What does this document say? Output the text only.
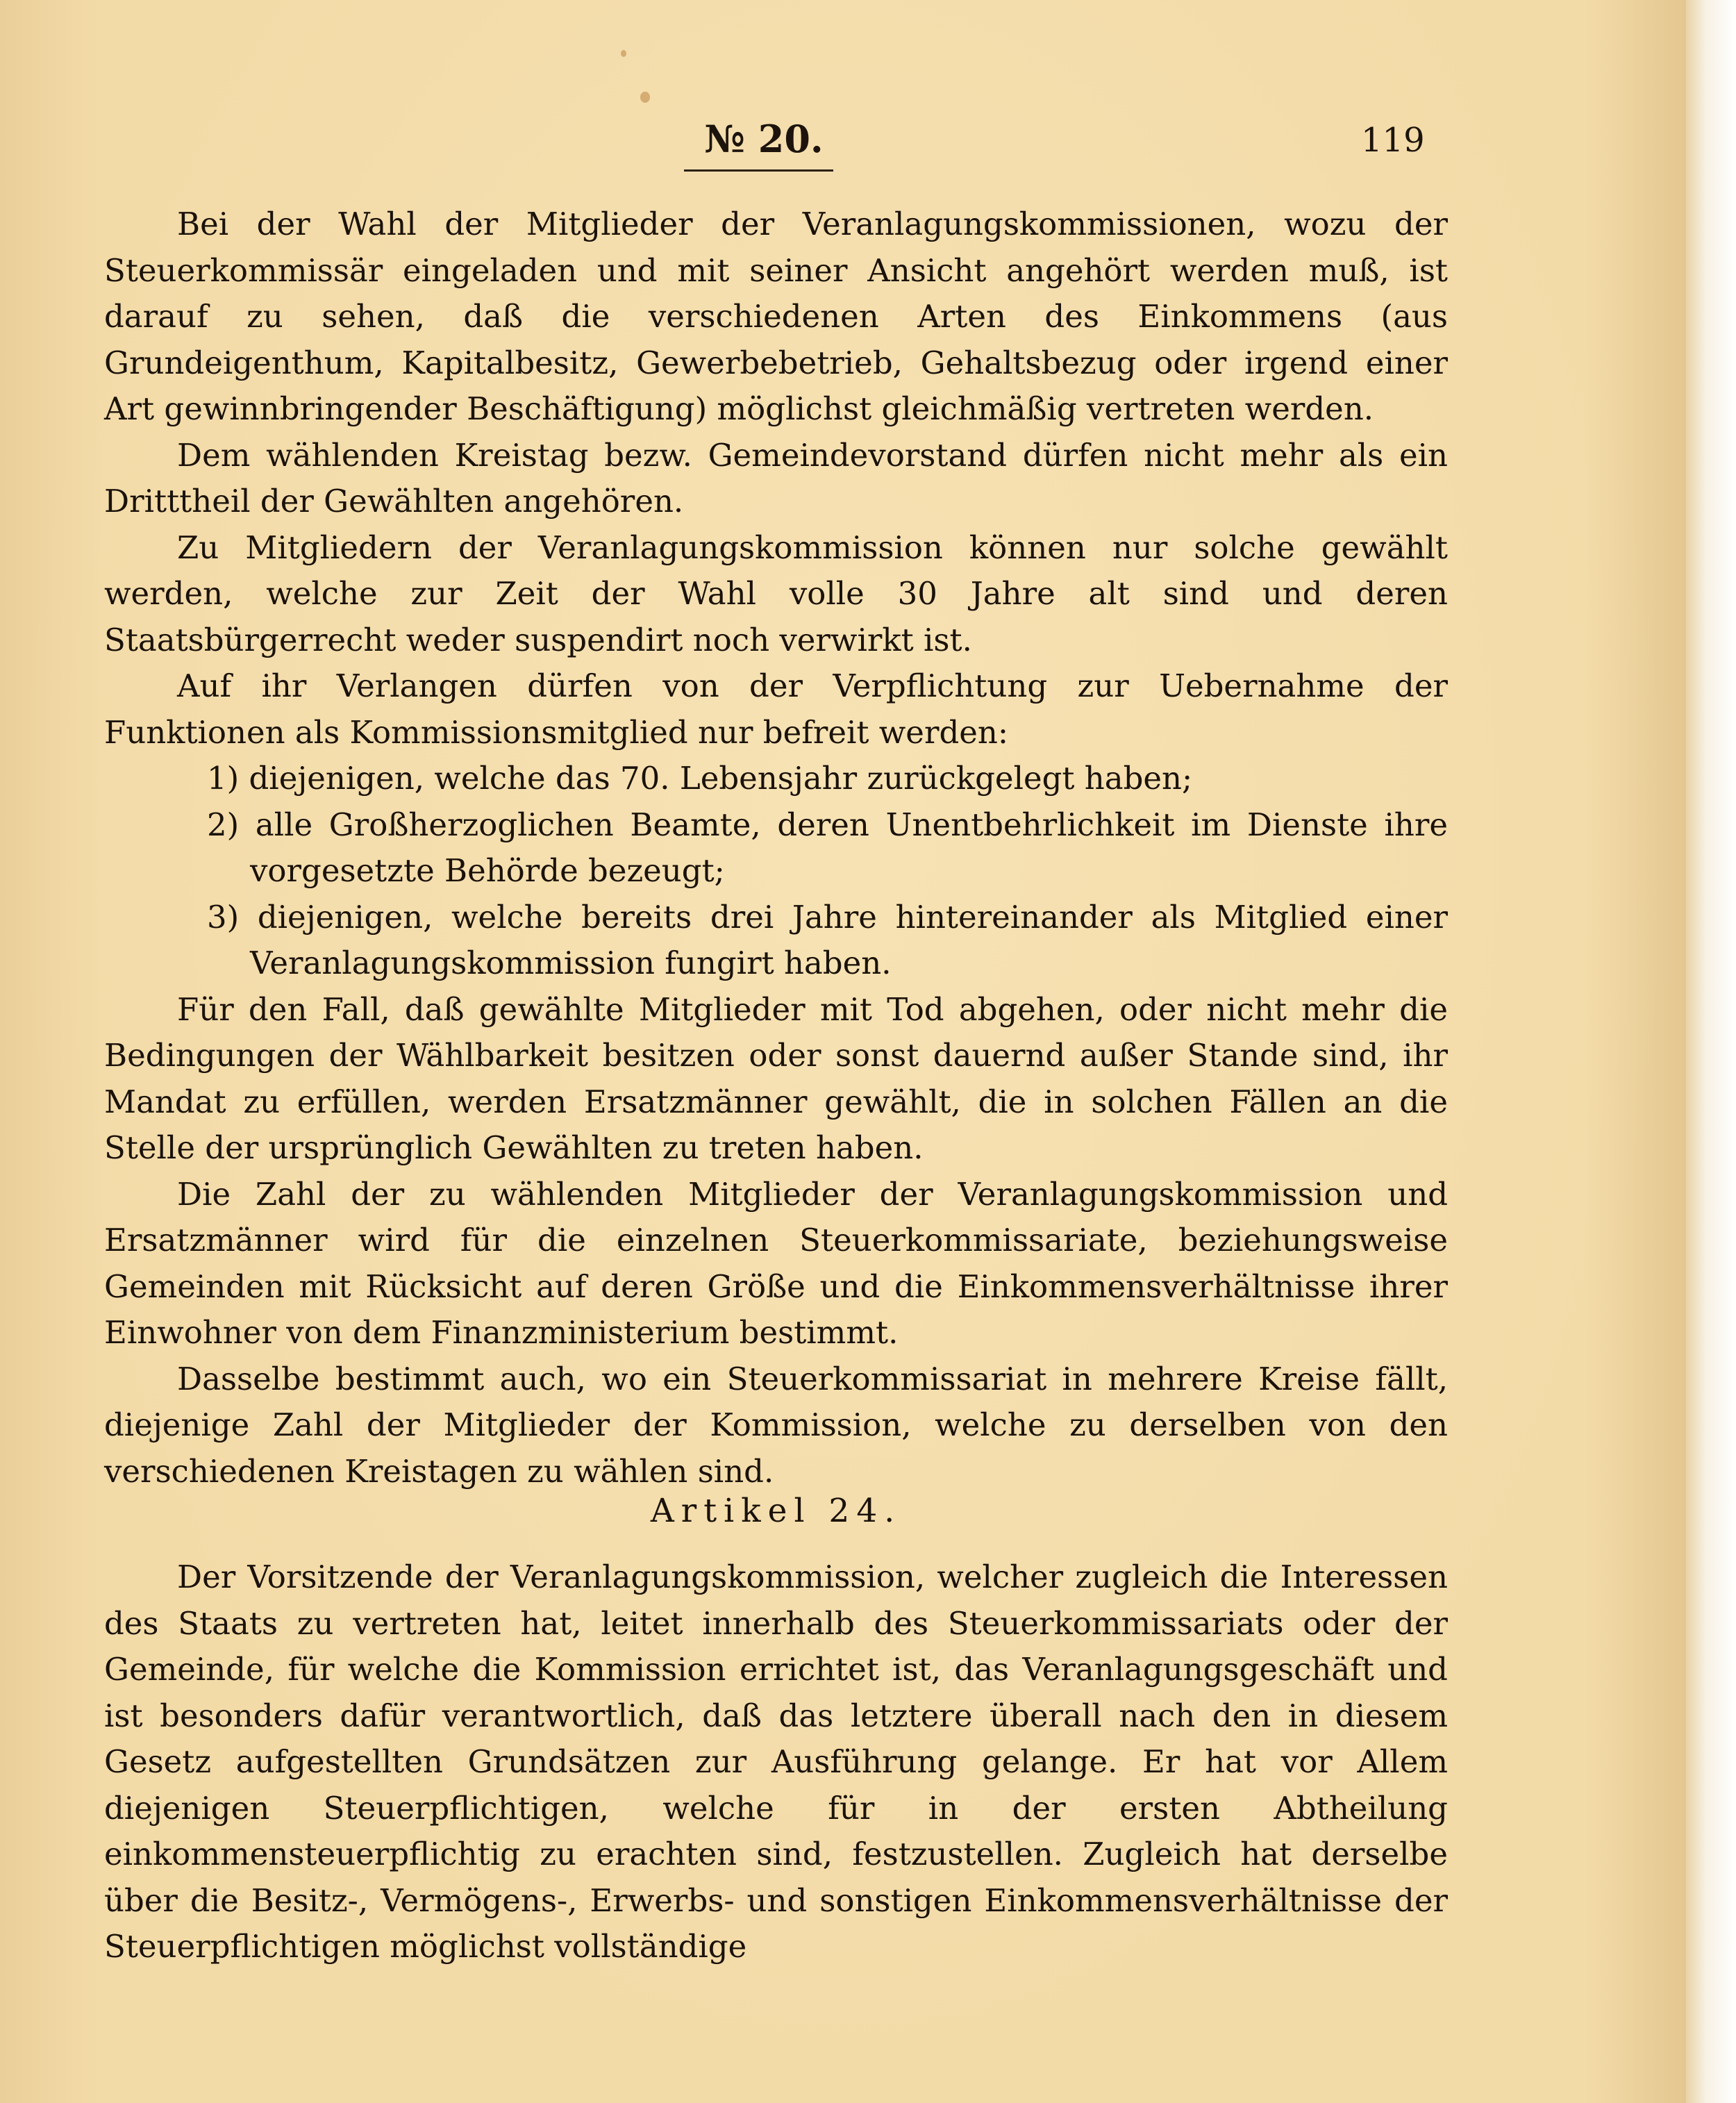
№ 20.	119

Bei der Wahl der Mitglieder der Veranlagungskommissionen, wozu der Steuerkommissär eingeladen und mit seiner Ansicht angehört werden muß, ist darauf zu sehen, daß die verschiedenen Arten des Einkommens (aus Grundeigenthum, Kapitalbesitz, Gewerbebetrieb, Gehaltsbezug oder irgend einer Art gewinnbringender Beschäftigung) möglichst gleichmäßig vertreten werden.

Dem wählenden Kreistag bezw. Gemeindevorstand dürfen nicht mehr als ein Dritttheil der Gewählten angehören.

Zu Mitgliedern der Veranlagungskommission können nur solche gewählt werden, welche zur Zeit der Wahl volle 30 Jahre alt sind und deren Staatsbürgerrecht weder suspendirt noch verwirkt ist.

Auf ihr Verlangen dürfen von der Verpflichtung zur Uebernahme der Funktionen als Kommissionsmitglied nur befreit werden:

1) diejenigen, welche das 70. Lebensjahr zurückgelegt haben;

2) alle Großherzoglichen Beamte, deren Unentbehrlichkeit im Dienste ihre vorgesetzte Behörde bezeugt;

3) diejenigen, welche bereits drei Jahre hintereinander als Mitglied einer Veranlagungskommission fungirt haben.

Für den Fall, daß gewählte Mitglieder mit Tod abgehen, oder nicht mehr die Bedingungen der Wählbarkeit besitzen oder sonst dauernd außer Stande sind, ihr Mandat zu erfüllen, werden Ersatzmänner gewählt, die in solchen Fällen an die Stelle der ursprünglich Gewählten zu treten haben.

Die Zahl der zu wählenden Mitglieder der Veranlagungskommission und Ersatzmänner wird für die einzelnen Steuerkommissariate, beziehungsweise Gemeinden mit Rücksicht auf deren Größe und die Einkommensverhältnisse ihrer Einwohner von dem Finanzministerium bestimmt.

Dasselbe bestimmt auch, wo ein Steuerkommissariat in mehrere Kreise fällt, diejenige Zahl der Mitglieder der Kommission, welche zu derselben von den verschiedenen Kreistagen zu wählen sind.

Artikel 24.

Der Vorsitzende der Veranlagungskommission, welcher zugleich die Interessen des Staats zu vertreten hat, leitet innerhalb des Steuerkommissariats oder der Gemeinde, für welche die Kommission errichtet ist, das Veranlagungsgeschäft und ist besonders dafür verantwortlich, daß das letztere überall nach den in diesem Gesetz aufgestellten Grundsätzen zur Ausführung gelange. Er hat vor Allem diejenigen Steuerpflichtigen, welche für in der ersten Abtheilung einkommensteuerpflichtig zu erachten sind, festzustellen. Zugleich hat derselbe über die Besitz-, Vermögens-, Erwerbs- und sonstigen Einkommensverhältnisse der Steuerpflichtigen möglichst vollständige
